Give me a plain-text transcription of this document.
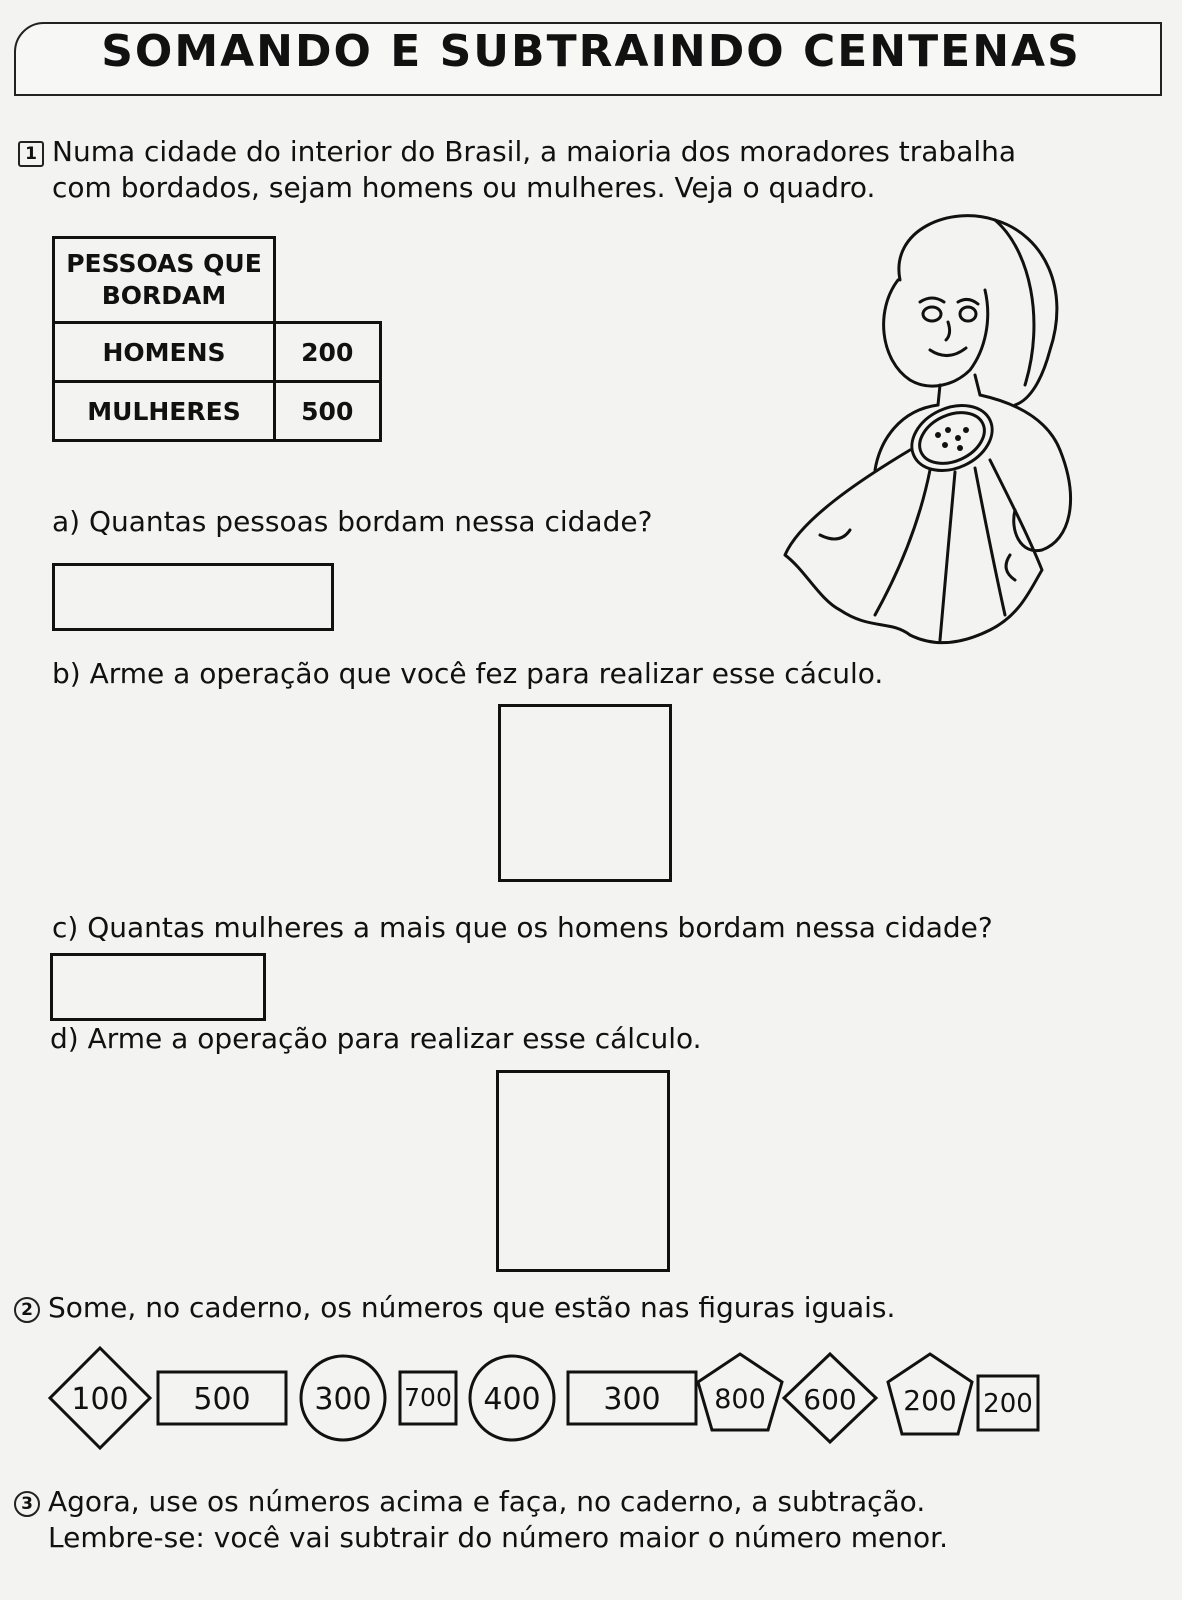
SOMANDO E SUBTRAINDO CENTENAS
1 Numa cidade do interior do Brasil, a maioria dos moradores trabalha
com bordados, sejam homens ou mulheres. Veja o quadro.
PESSOAS QUE
BORDAM	
HOMENS	200
MULHERES	500
a) Quantas pessoas bordam nessa cidade?
b) Arme a operação que você fez para realizar esse cáculo.
c) Quantas mulheres a mais que os homens bordam nessa cidade?
d) Arme a operação para realizar esse cálculo.
2 Some, no caderno, os números que estão nas figuras iguais.
100 500 300 700 400 300 800 600 200 200
3 Agora, use os números acima e faça, no caderno, a subtração.
Lembre-se: você vai subtrair do número maior o número menor.
